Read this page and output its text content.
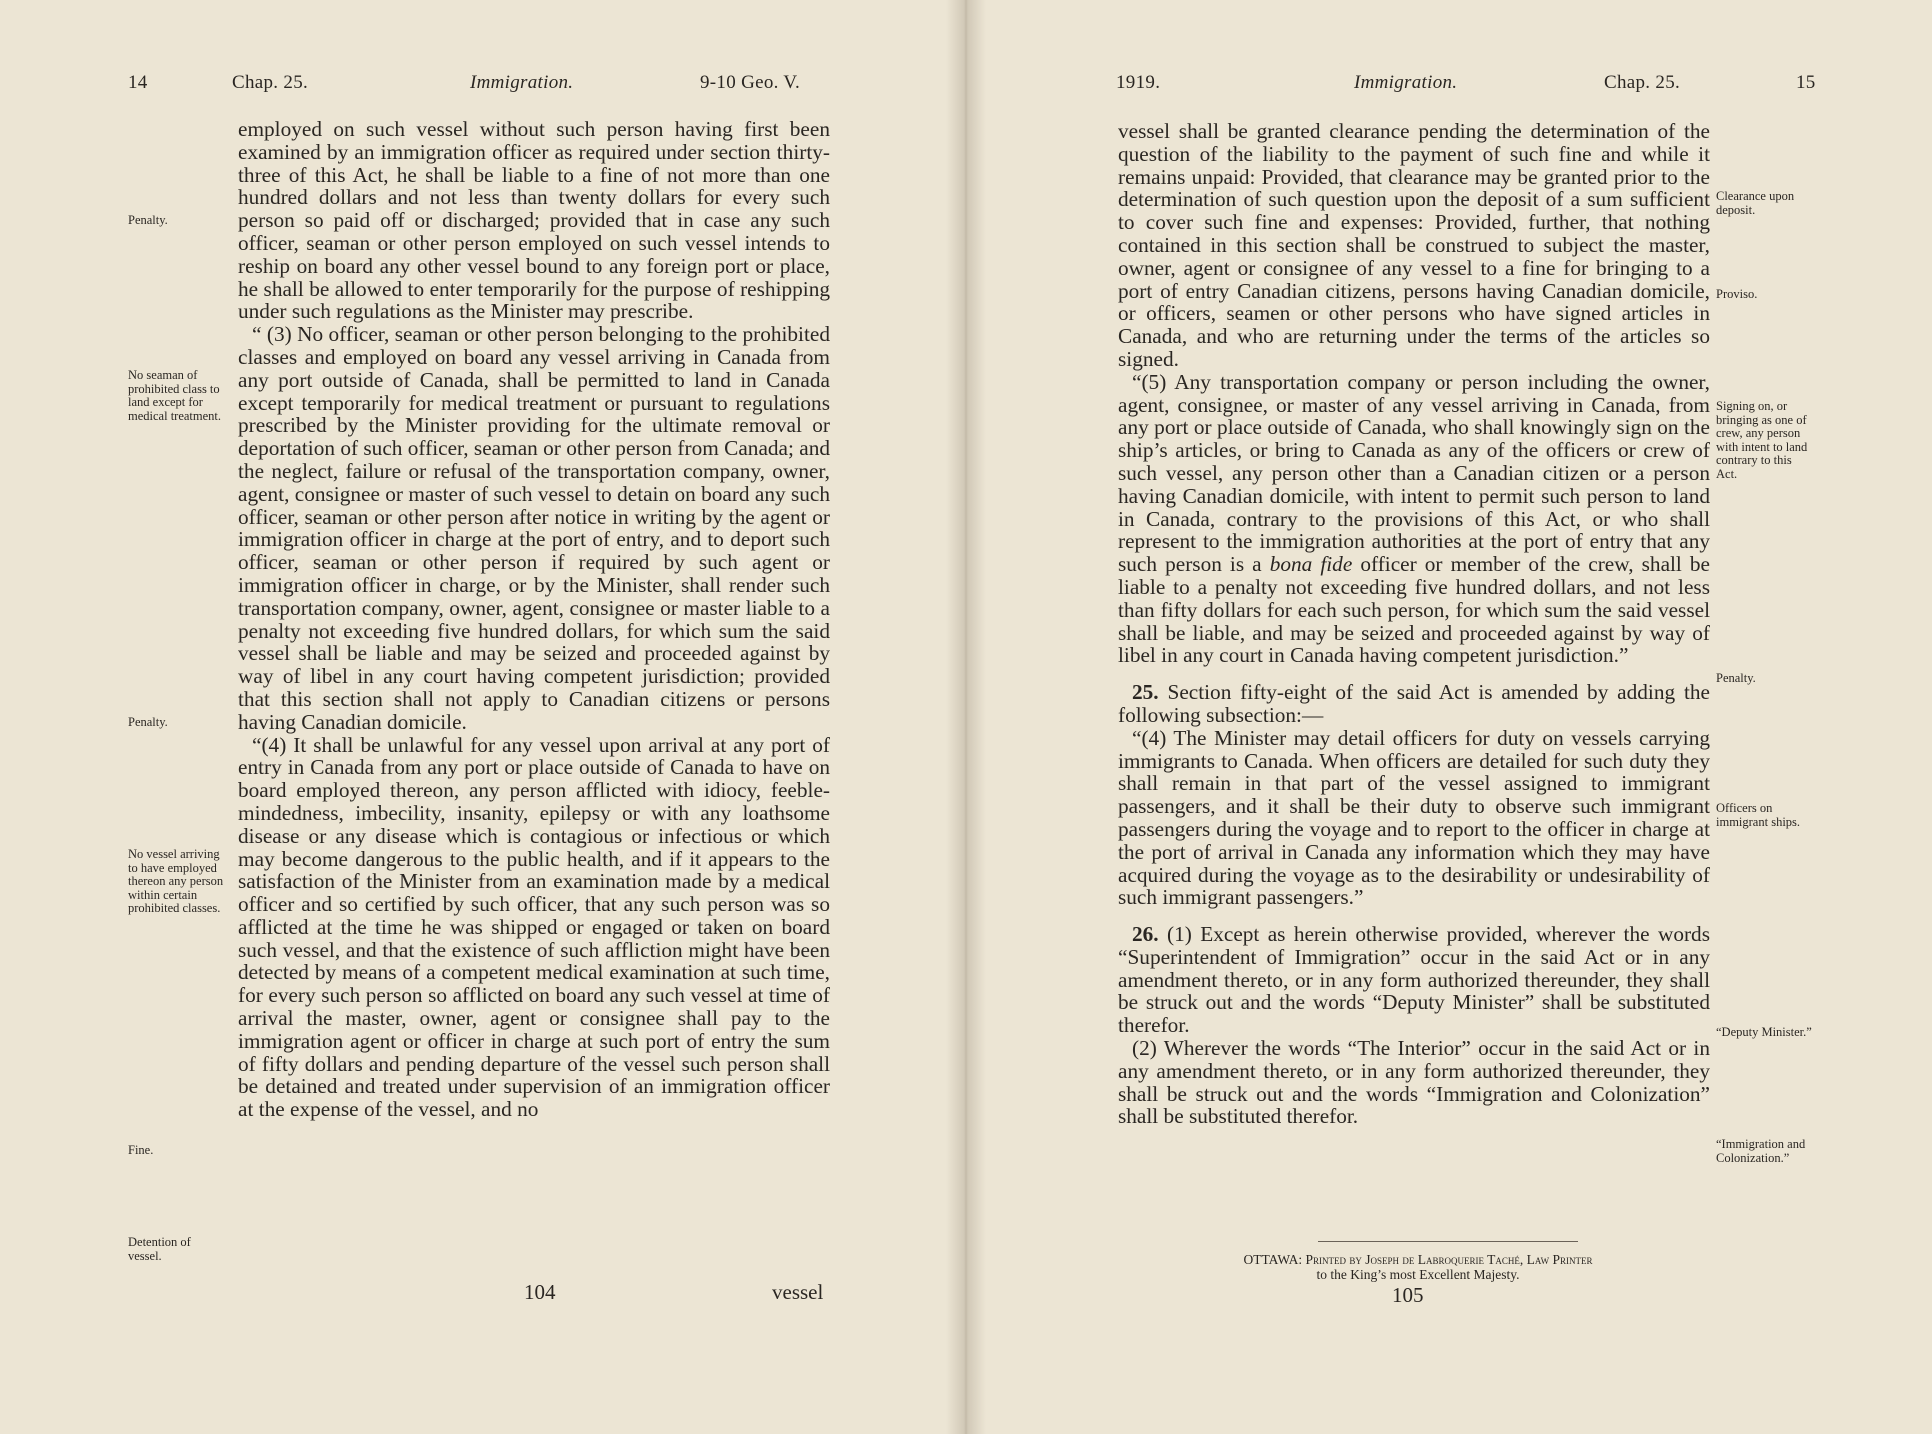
14	Chap. 25.	Immigration.	9-10 Geo. V.

employed on such vessel without such person having first been examined by an immigration officer as required under section thirty-three of this Act, he shall be liable to a fine of not more than one hundred dollars and not less than twenty dollars for every such person so paid off or discharged; provided that in case any such officer, seaman or other person employed on such vessel intends to reship on board any other vessel bound to any foreign port or place, he shall be allowed to enter temporarily for the purpose of reshipping under such regulations as the Minister may prescribe.

“ (3) No officer, seaman or other person belonging to the prohibited classes and employed on board any vessel arriving in Canada from any port outside of Canada, shall be permitted to land in Canada except temporarily for medical treatment or pursuant to regulations prescribed by the Minister providing for the ultimate removal or deportation of such officer, seaman or other person from Canada; and the neglect, failure or refusal of the transportation company, owner, agent, consignee or master of such vessel to detain on board any such officer, seaman or other person after notice in writing by the agent or immigration officer in charge at the port of entry, and to deport such officer, seaman or other person if required by such agent or immigration officer in charge, or by the Minister, shall render such transportation company, owner, agent, consignee or master liable to a penalty not exceeding five hundred dollars, for which sum the said vessel shall be liable and may be seized and proceeded against by way of libel in any court having competent jurisdiction; provided that this section shall not apply to Canadian citizens or persons having Canadian domicile.

“(4) It shall be unlawful for any vessel upon arrival at any port of entry in Canada from any port or place outside of Canada to have on board employed thereon, any person afflicted with idiocy, feeble-mindedness, imbecility, insanity, epilepsy or with any loathsome disease or any disease which is contagious or infectious or which may become dangerous to the public health, and if it appears to the satisfaction of the Minister from an examination made by a medical officer and so certified by such officer, that any such person was so afflicted at the time he was shipped or engaged or taken on board such vessel, and that the existence of such affliction might have been detected by means of a competent medical examination at such time, for every such person so afflicted on board any such vessel at time of arrival the master, owner, agent or consignee shall pay to the immigration agent or officer in charge at such port of entry the sum of fifty dollars and pending departure of the vessel such person shall be detained and treated under supervision of an immigration officer at the expense of the vessel, and no

Penalty.
No seaman of prohibited class to land except for medical treatment.
Penalty.
No vessel arriving to have employed thereon any person within certain prohibited classes.
Fine.
Detention of vessel.
104	vessel
1919.	Immigration.	Chap. 25.	15

vessel shall be granted clearance pending the determination of the question of the liability to the payment of such fine and while it remains unpaid: Provided, that clearance may be granted prior to the determination of such question upon the deposit of a sum sufficient to cover such fine and expenses: Provided, further, that nothing contained in this section shall be construed to subject the master, owner, agent or consignee of any vessel to a fine for bringing to a port of entry Canadian citizens, persons having Canadian domicile, or officers, seamen or other persons who have signed articles in Canada, and who are returning under the terms of the articles so signed.

“(5) Any transportation company or person including the owner, agent, consignee, or master of any vessel arriving in Canada, from any port or place outside of Canada, who shall knowingly sign on the ship’s articles, or bring to Canada as any of the officers or crew of such vessel, any person other than a Canadian citizen or a person having Canadian domicile, with intent to permit such person to land in Canada, contrary to the provisions of this Act, or who shall represent to the immigration authorities at the port of entry that any such person is a bona fide officer or member of the crew, shall be liable to a penalty not exceeding five hundred dollars, and not less than fifty dollars for each such person, for which sum the said vessel shall be liable, and may be seized and proceeded against by way of libel in any court in Canada having competent jurisdiction.”

25. Section fifty-eight of the said Act is amended by adding the following subsection:—

“(4) The Minister may detail officers for duty on vessels carrying immigrants to Canada. When officers are detailed for such duty they shall remain in that part of the vessel assigned to immigrant passengers, and it shall be their duty to observe such immigrant passengers during the voyage and to report to the officer in charge at the port of arrival in Canada any information which they may have acquired during the voyage as to the desirability or undesirability of such immigrant passengers.”

26. (1) Except as herein otherwise provided, wherever the words “Superintendent of Immigration” occur in the said Act or in any amendment thereto, or in any form authorized thereunder, they shall be struck out and the words “Deputy Minister” shall be substituted therefor.

(2) Wherever the words “The Interior” occur in the said Act or in any amendment thereto, or in any form authorized thereunder, they shall be struck out and the words “Immigration and Colonization” shall be substituted therefor.

Clearance upon deposit.
Proviso.
Signing on, or bringing as one of crew, any person with intent to land contrary to this Act.
Penalty.
Officers on immigrant ships.
“Deputy Minister.”
“Immigration and Colonization.”
OTTAWA: Printed by Joseph de Labroquerie Taché, Law Printer
to the King’s most Excellent Majesty.
105
